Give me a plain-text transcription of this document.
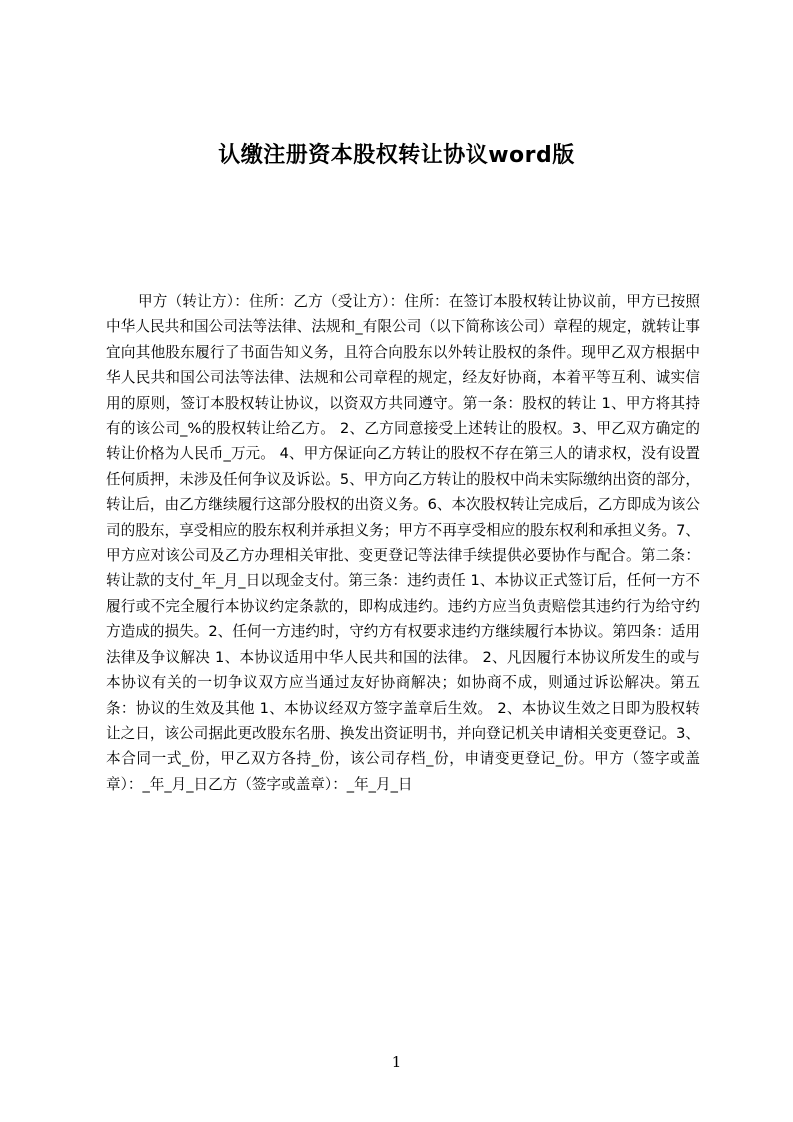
认缴注册资本股权转让协议word版

甲方（转让方）：住所：乙方（受让方）：住所：在签订本股权转让协议前，甲方已按照中华人民共和国公司法等法律、法规和_有限公司（以下简称该公司）章程的规定，就转让事宜向其他股东履行了书面告知义务，且符合向股东以外转让股权的条件。现甲乙双方根据中华人民共和国公司法等法律、法规和公司章程的规定，经友好协商，本着平等互利、诚实信用的原则，签订本股权转让协议，以资双方共同遵守。第一条：股权的转让 1、甲方将其持有的该公司_%的股权转让给乙方。 2、乙方同意接受上述转让的股权。3、甲乙双方确定的转让价格为人民币_万元。 4、甲方保证向乙方转让的股权不存在第三人的请求权，没有设置任何质押，未涉及任何争议及诉讼。5、甲方向乙方转让的股权中尚未实际缴纳出资的部分，转让后，由乙方继续履行这部分股权的出资义务。6、本次股权转让完成后，乙方即成为该公司的股东，享受相应的股东权利并承担义务；甲方不再享受相应的股东权利和承担义务。7、甲方应对该公司及乙方办理相关审批、变更登记等法律手续提供必要协作与配合。第二条：转让款的支付_年_月_日以现金支付。第三条：违约责任 1、本协议正式签订后，任何一方不履行或不完全履行本协议约定条款的，即构成违约。违约方应当负责赔偿其违约行为给守约方造成的损失。2、任何一方违约时，守约方有权要求违约方继续履行本协议。第四条：适用法律及争议解决 1、本协议适用中华人民共和国的法律。 2、凡因履行本协议所发生的或与本协议有关的一切争议双方应当通过友好协商解决；如协商不成，则通过诉讼解决。第五条：协议的生效及其他 1、本协议经双方签字盖章后生效。 2、本协议生效之日即为股权转让之日，该公司据此更改股东名册、换发出资证明书，并向登记机关申请相关变更登记。3、本合同一式_份，甲乙双方各持_份，该公司存档_份，申请变更登记_份。甲方（签字或盖章）：_年_月_日乙方（签字或盖章）：_年_月_日

1
